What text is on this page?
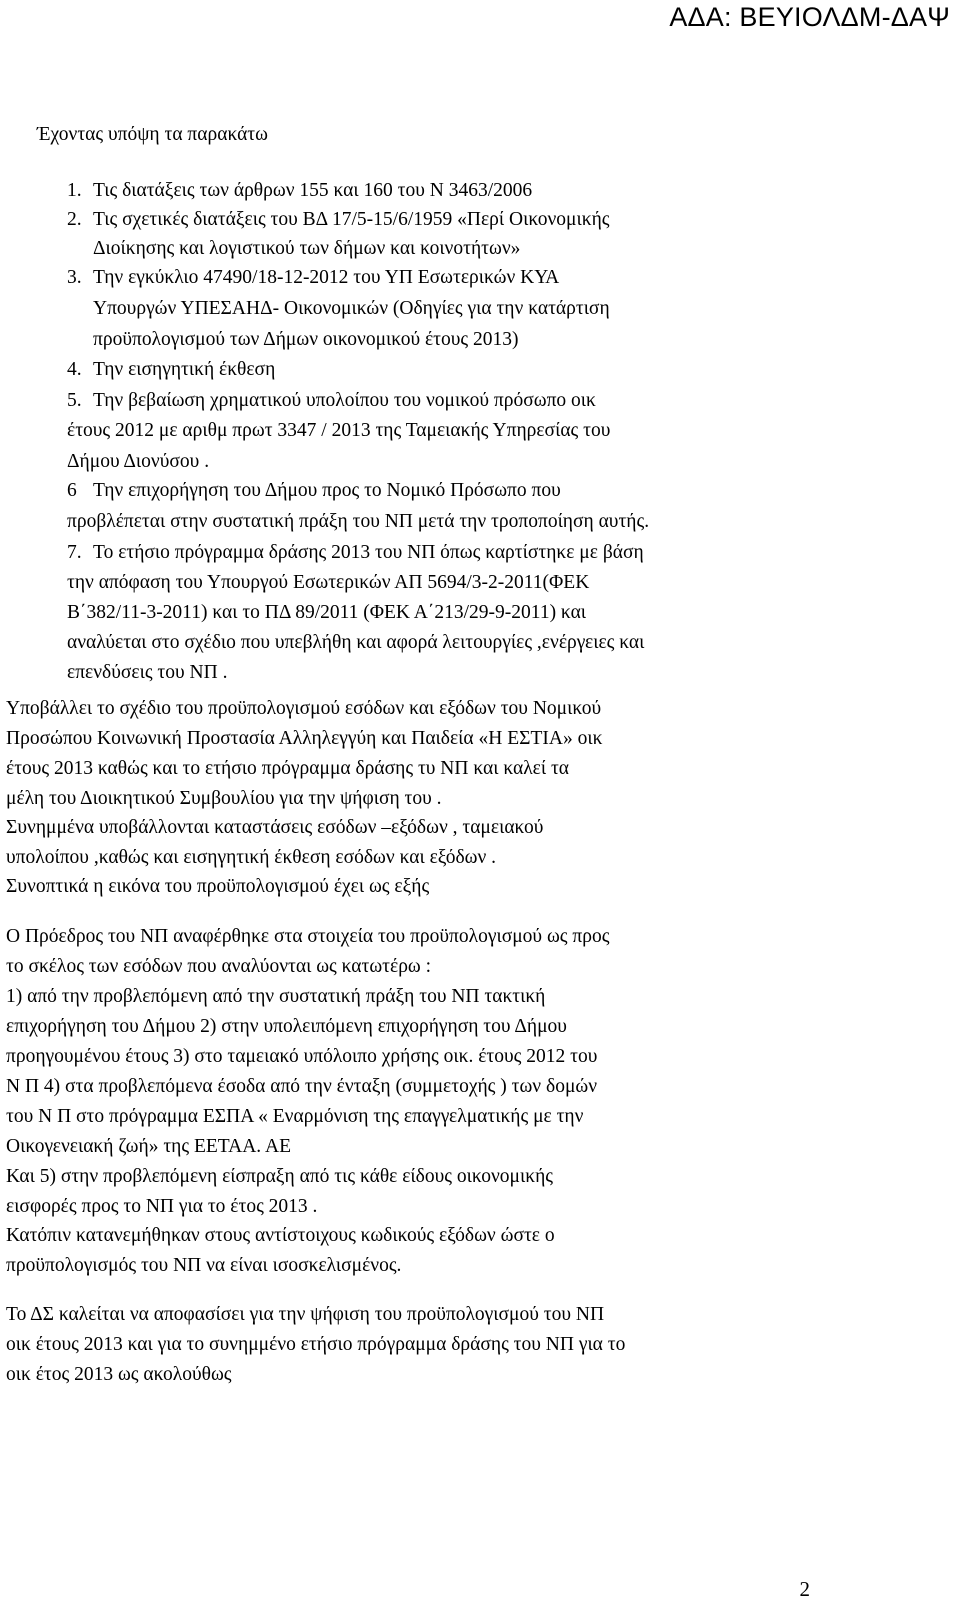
ΑΔΑ: ΒΕΥΙΟΛΔΜ-ΔΑΨ
Έχοντας υπόψη τα παρακάτω
1. Τις διατάξεις των άρθρων 155 και 160 του Ν 3463/2006
2. Τις σχετικές διατάξεις του ΒΔ 17/5-15/6/1959 «Περί Οικονομικής
Διοίκησης και λογιστικού των δήμων και κοινοτήτων»
3. Την εγκύκλιο 47490/18-12-2012 του ΥΠ Εσωτερικών ΚΥΑ
Υπουργών ΥΠΕΣΑΗΔ- Οικονομικών (Οδηγίες για την κατάρτιση
προϋπολογισμού των Δήμων οικονομικού έτους 2013)
4. Την εισηγητική έκθεση
5. Την βεβαίωση χρηματικού υπολοίπου του νομικού πρόσωπο οικ
έτους 2012 με αριθμ πρωτ 3347 / 2013 της Ταμειακής Υπηρεσίας του
Δήμου Διονύσου .
6 Την επιχορήγηση του Δήμου προς το Νομικό Πρόσωπο που
προβλέπεται στην συστατική πράξη του ΝΠ μετά την τροποποίηση αυτής.
7. Το ετήσιο πρόγραμμα δράσης 2013 του ΝΠ όπως καρτίστηκε με βάση
την απόφαση του Υπουργού Εσωτερικών ΑΠ 5694/3-2-2011(ΦΕΚ
Β΄382/11-3-2011) και το ΠΔ 89/2011 (ΦΕΚ Α΄213/29-9-2011) και
αναλύεται στο σχέδιο που υπεβλήθη και αφορά λειτουργίες ,ενέργειες και
επενδύσεις του ΝΠ .
Υποβάλλει το σχέδιο του προϋπολογισμού εσόδων και εξόδων του Νομικού
Προσώπου Κοινωνική Προστασία Αλληλεγγύη και Παιδεία «Η ΕΣΤΙΑ» οικ
έτους 2013 καθώς και το ετήσιο πρόγραμμα δράσης τυ ΝΠ και καλεί τα
μέλη του Διοικητικού Συμβουλίου για την ψήφιση του .
Συνημμένα υποβάλλονται καταστάσεις εσόδων –εξόδων , ταμειακού
υπολοίπου ,καθώς και εισηγητική έκθεση εσόδων και εξόδων .
Συνοπτικά η εικόνα του προϋπολογισμού έχει ως εξής
Ο Πρόεδρος του ΝΠ αναφέρθηκε στα στοιχεία του προϋπολογισμού ως προς
το σκέλος των εσόδων που αναλύονται ως κατωτέρω :
1) από την προβλεπόμενη από την συστατική πράξη του ΝΠ τακτική
επιχορήγηση του Δήμου 2) στην υπολειπόμενη επιχορήγηση του Δήμου
προηγουμένου έτους 3) στο ταμειακό υπόλοιπο χρήσης οικ. έτους 2012 του
Ν Π 4) στα προβλεπόμενα έσοδα από την ένταξη (συμμετοχής ) των δομών
του Ν Π στο πρόγραμμα ΕΣΠΑ « Εναρμόνιση της επαγγελματικής με την
Οικογενειακή ζωή» της ΕΕΤΑΑ. ΑΕ
Και 5) στην προβλεπόμενη είσπραξη από τις κάθε είδους οικονομικής
εισφορές προς το ΝΠ για το έτος 2013 .
Κατόπιν κατανεμήθηκαν στους αντίστοιχους κωδικούς εξόδων ώστε ο
προϋπολογισμός του ΝΠ να είναι ισοσκελισμένος.
Το ΔΣ καλείται να αποφασίσει για την ψήφιση του προϋπολογισμού του ΝΠ
οικ έτους 2013 και για το συνημμένο ετήσιο πρόγραμμα δράσης του ΝΠ για το
οικ έτος 2013 ως ακολούθως
2
